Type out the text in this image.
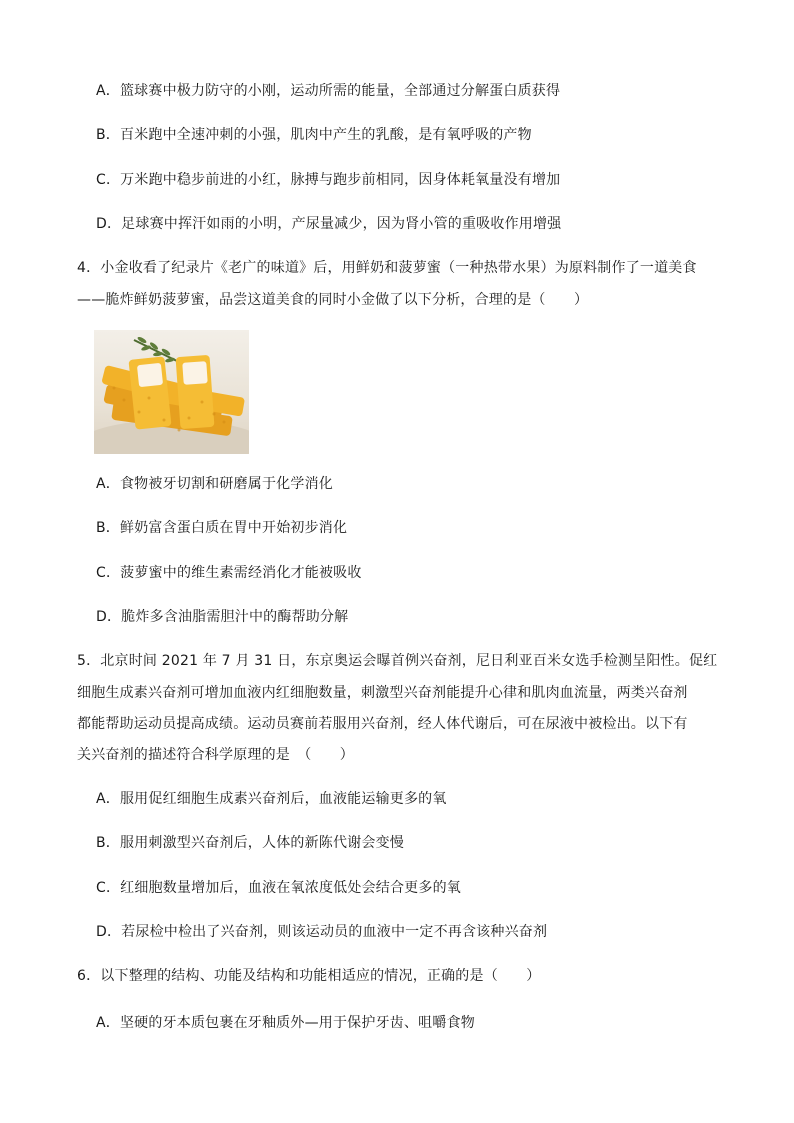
A．篮球赛中极力防守的小刚，运动所需的能量，全部通过分解蛋白质获得
B．百米跑中全速冲刺的小强，肌肉中产生的乳酸，是有氧呼吸的产物
C．万米跑中稳步前进的小红，脉搏与跑步前相同，因身体耗氧量没有增加
D．足球赛中挥汗如雨的小明，产尿量减少，因为肾小管的重吸收作用增强
4．小金收看了纪录片《老广的味道》后，用鲜奶和菠萝蜜（一种热带水果）为原料制作了一道美食
——脆炸鲜奶菠萝蜜，品尝这道美食的同时小金做了以下分析，合理的是（　　）
A．食物被牙切割和研磨属于化学消化
B．鲜奶富含蛋白质在胃中开始初步消化
C．菠萝蜜中的维生素需经消化才能被吸收
D．脆炸多含油脂需胆汁中的酶帮助分解
5．北京时间 2021 年 7 月 31 日，东京奥运会曝首例兴奋剂，尼日利亚百米女选手检测呈阳性。促红
细胞生成素兴奋剂可增加血液内红细胞数量，刺激型兴奋剂能提升心律和肌肉血流量，两类兴奋剂
都能帮助运动员提高成绩。运动员赛前若服用兴奋剂，经人体代谢后，可在尿液中被检出。以下有
关兴奋剂的描述符合科学原理的是　（　　）
A．服用促红细胞生成素兴奋剂后，血液能运输更多的氧
B．服用刺激型兴奋剂后，人体的新陈代谢会变慢
C．红细胞数量增加后，血液在氧浓度低处会结合更多的氧
D．若尿检中检出了兴奋剂，则该运动员的血液中一定不再含该种兴奋剂
6．以下整理的结构、功能及结构和功能相适应的情况，正确的是（　　）
A．坚硬的牙本质包裹在牙釉质外—用于保护牙齿、咀嚼食物
